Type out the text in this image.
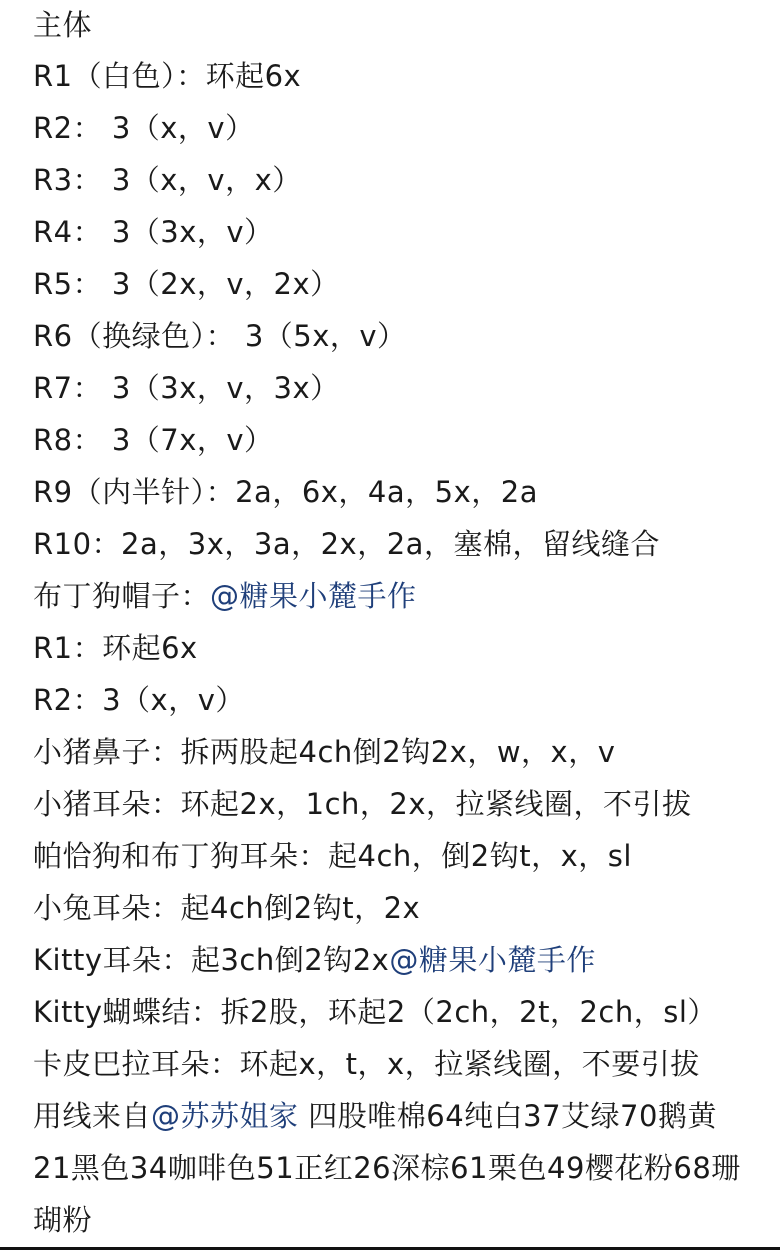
主体
R1（白色）：环起6x
R2： 3（x，v）
R3： 3（x，v，x）
R4： 3（3x，v）
R5： 3（2x，v，2x）
R6（换绿色）： 3（5x，v）
R7： 3（3x，v，3x）
R8： 3（7x，v）
R9（内半针）：2a，6x，4a，5x，2a
R10：2a，3x，3a，2x，2a，塞棉，留线缝合
布丁狗帽子：@糖果小麓手作
R1：环起6x
R2：3（x，v）
小猪鼻子：拆两股起4ch倒2钩2x，w，x，v
小猪耳朵：环起2x，1ch，2x，拉紧线圈，不引拔
帕恰狗和布丁狗耳朵：起4ch，倒2钩t，x，sl
小兔耳朵：起4ch倒2钩t，2x
Kitty耳朵：起3ch倒2钩2x@糖果小麓手作
Kitty蝴蝶结：拆2股，环起2（2ch，2t，2ch，sl）
卡皮巴拉耳朵：环起x，t，x，拉紧线圈，不要引拔
用线来自@苏苏姐家 四股唯棉64纯白37艾绿70鹅黄
21黑色34咖啡色51正红26深棕61栗色49樱花粉68珊
瑚粉
